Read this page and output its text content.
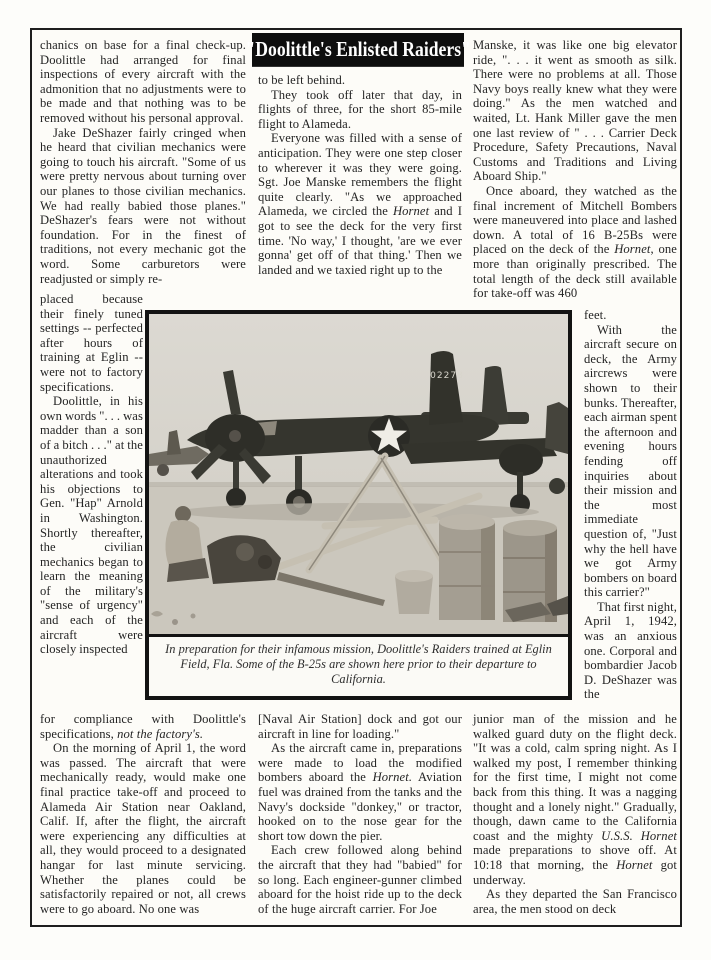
"Doolittle's Enlisted Raiders"

chanics on base for a final check-up. Doolittle had arranged for final inspections of every aircraft with the admonition that no adjustments were to be made and that nothing was to be removed without his personal approval.

Jake DeShazer fairly cringed when he heard that civilian mechanics were going to touch his aircraft. "Some of us were pretty nervous about turning over our planes to those civilian mechanics. We had really babied those planes." DeShazer's fears were not without foundation. For in the finest of traditions, not every mechanic got the word. Some carburetors were readjusted or simply re-

placed because their finely tuned settings -- perfected after hours of training at Eglin -- were not to factory specifications.

Doolittle, in his own words ". . . was madder than a son of a bitch . . ." at the unauthorized alterations and took his objections to Gen. "Hap" Arnold in Washington. Shortly thereafter, the civilian mechanics began to learn the meaning of the military's "sense of urgency" and each of the aircraft were closely inspected

for compliance with Doolittle's specifications, not the factory's.

On the morning of April 1, the word was passed. The aircraft that were mechanically ready, would make one final practice take-off and proceed to Alameda Air Station near Oakland, Calif. If, after the flight, the aircraft were experiencing any difficulties at all, they would proceed to a designated hangar for last minute servicing. Whether the planes could be satisfactorily repaired or not, all crews were to go aboard. No one was

to be left behind.

They took off later that day, in flights of three, for the short 85-mile flight to Alameda.

Everyone was filled with a sense of anticipation. They were one step closer to wherever it was they were going. Sgt. Joe Manske remembers the flight quite clearly. "As we approached Alameda, we circled the Hornet and I got to see the deck for the very first time. 'No way,' I thought, 'are we ever gonna' get off of that thing.' Then we landed and we taxied right up to the

[Naval Air Station] dock and got our aircraft in line for loading."

As the aircraft came in, preparations were made to load the modified bombers aboard the Hornet. Aviation fuel was drained from the tanks and the Navy's dockside "donkey," or tractor, hooked on to the nose gear for the short tow down the pier.

Each crew followed along behind the aircraft that they had "babied" for so long. Each engineer-gunner climbed aboard for the hoist ride up to the deck of the huge aircraft carrier. For Joe

Manske, it was like one big elevator ride, ". . . it went as smooth as silk. There were no problems at all. Those Navy boys really knew what they were doing." As the men watched and waited, Lt. Hank Miller gave the men one last review of " . . . Carrier Deck Procedure, Safety Precautions, Naval Customs and Traditions and Living Aboard Ship."

Once aboard, they watched as the final increment of Mitchell Bombers were maneuvered into place and lashed down. A total of 16 B-25Bs were placed on the deck of the Hornet, one more than originally prescribed. The total length of the deck still available for take-off was 460

feet.

With the aircraft secure on deck, the Army aircrews were shown to their bunks. Thereafter, each airman spent the afternoon and evening hours fending off inquiries about their mission and the most immediate question of, "Just why the hell have we got Army bombers on board this carrier?"

That first night, April 1, 1942, was an anxious one. Corporal and bombardier Jacob D. DeShazer was the

junior man of the mission and he walked guard duty on the flight deck. "It was a cold, calm spring night. As I walked my post, I remember thinking for the first time, I might not come back from this thing. It was a nagging thought and a lonely night." Gradually, though, dawn came to the California coast and the mighty U.S.S. Hornet made preparations to shove off. At 10:18 that morning, the Hornet got underway.

As they departed the San Francisco area, the men stood on deck

02278
In preparation for their infamous mission, Doolittle's Raiders trained at Eglin Field, Fla. Some of the B-25s are shown here prior to their departure to California.
